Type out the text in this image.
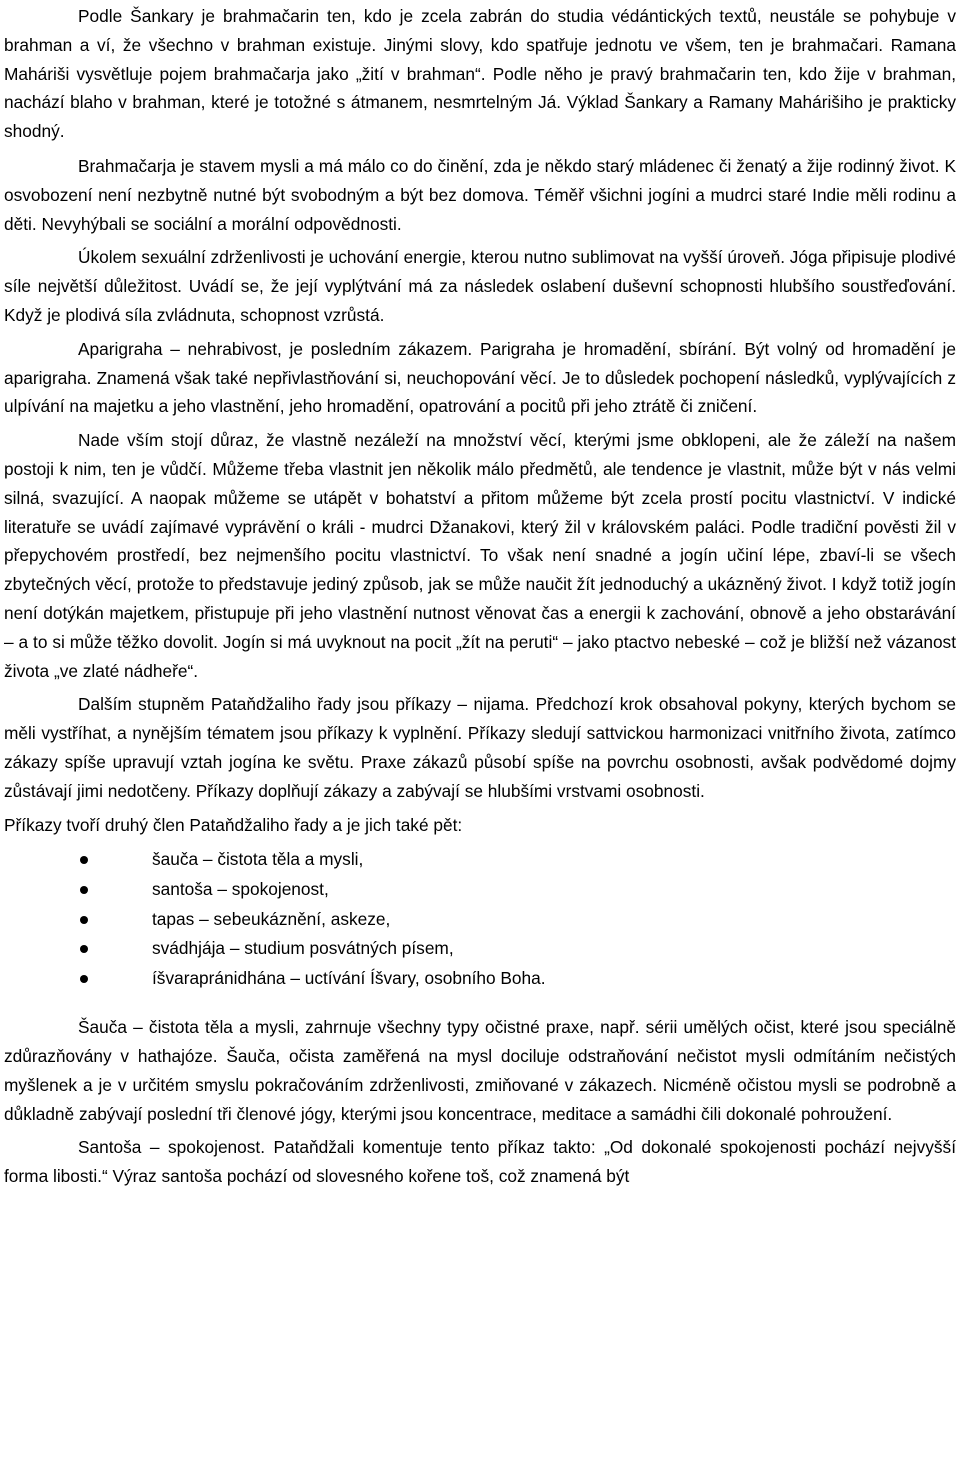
Podle Šankary je brahmačarin ten, kdo je zcela zabrán do studia védántických textů, neustále se pohybuje v brahman a ví, že všechno v brahman existuje. Jinými slovy, kdo spatřuje jednotu ve všem, ten je brahmačari. Ramana Maháriši vysvětluje pojem brahmačarja jako „žití v brahman“. Podle něho je pravý brahmačarin ten, kdo žije v brahman, nachází blaho v brahman, které je totožné s átmanem, nesmrtelným Já. Výklad Šankary a Ramany Mahárišiho je prakticky shodný.

Brahmačarja je stavem mysli a má málo co do činění, zda je někdo starý mládenec či ženatý a žije rodinný život. K osvobození není nezbytně nutné být svobodným a být bez domova. Téměř všichni jogíni a mudrci staré Indie měli rodinu a děti. Nevyhýbali se sociální a morální odpovědnosti.

Úkolem sexuální zdrženlivosti je uchování energie, kterou nutno sublimovat na vyšší úroveň. Jóga připisuje plodivé síle největší důležitost. Uvádí se, že její vyplýtvání má za následek oslabení duševní schopnosti hlubšího soustřeďování. Když je plodivá síla zvládnuta, schopnost vzrůstá.

Aparigraha – nehrabivost, je posledním zákazem. Parigraha je hromadění, sbírání. Být volný od hromadění je aparigraha. Znamená však také nepřivlastňování si, neuchopování věcí. Je to důsledek pochopení následků, vyplývajících z ulpívání na majetku a jeho vlastnění, jeho hromadění, opatrování a pocitů při jeho ztrátě či zničení.

Nade vším stojí důraz, že vlastně nezáleží na množství věcí, kterými jsme obklopeni, ale že záleží na našem postoji k nim, ten je vůdčí. Můžeme třeba vlastnit jen několik málo předmětů, ale tendence je vlastnit, může být v nás velmi silná, svazující. A naopak můžeme se utápět v bohatství a přitom můžeme být zcela prostí pocitu vlastnictví. V indické literatuře se uvádí zajímavé vyprávění o králi - mudrci Džanakovi, který žil v královském paláci. Podle tradiční pověsti žil v přepychovém prostředí, bez nejmenšího pocitu vlastnictví. To však není snadné a jogín učiní lépe, zbaví-li se všech zbytečných věcí, protože to představuje jediný způsob, jak se může naučit žít jednoduchý a ukázněný život. I když totiž jogín není dotýkán majetkem, přistupuje při jeho vlastnění nutnost věnovat čas a energii k zachování, obnově a jeho obstarávání – a to si může těžko dovolit. Jogín si má uvyknout na pocit „žít na peruti“ – jako ptactvo nebeské – což je bližší než vázanost života „ve zlaté nádheře“.

Dalším stupněm Pataňdžaliho řady jsou příkazy – nijama. Předchozí krok obsahoval pokyny, kterých bychom se měli vystříhat, a nynějším tématem jsou příkazy k vyplnění. Příkazy sledují sattvickou harmonizaci vnitřního života, zatímco zákazy spíše upravují vztah jogína ke světu. Praxe zákazů působí spíše na povrchu osobnosti, avšak podvědomé dojmy zůstávají jimi nedotčeny. Příkazy doplňují zákazy a zabývají se hlubšími vrstvami osobnosti.

Příkazy tvoří druhý člen Pataňdžaliho řady a je jich také pět:

šauča – čistota těla a mysli,
santoša – spokojenost,
tapas – sebeukáznění, askeze,
svádhjája – studium posvátných písem,
íšvarapránidhána – uctívání Íšvary, osobního Boha.

Šauča – čistota těla a mysli, zahrnuje všechny typy očistné praxe, např. sérii umělých očist, které jsou speciálně zdůrazňovány v hathajóze. Šauča, očista zaměřená na mysl dociluje odstraňování nečistot mysli odmítáním nečistých myšlenek a je v určitém smyslu pokračováním zdrženlivosti, zmiňované v zákazech. Nicméně očistou mysli se podrobně a důkladně zabývají poslední tři členové jógy, kterými jsou koncentrace, meditace a samádhi čili dokonalé pohroužení.

Santoša – spokojenost. Pataňdžali komentuje tento příkaz takto: „Od dokonalé spokojenosti pochází nejvyšší forma libosti.“ Výraz santoša pochází od slovesného kořene toš, což znamená být
